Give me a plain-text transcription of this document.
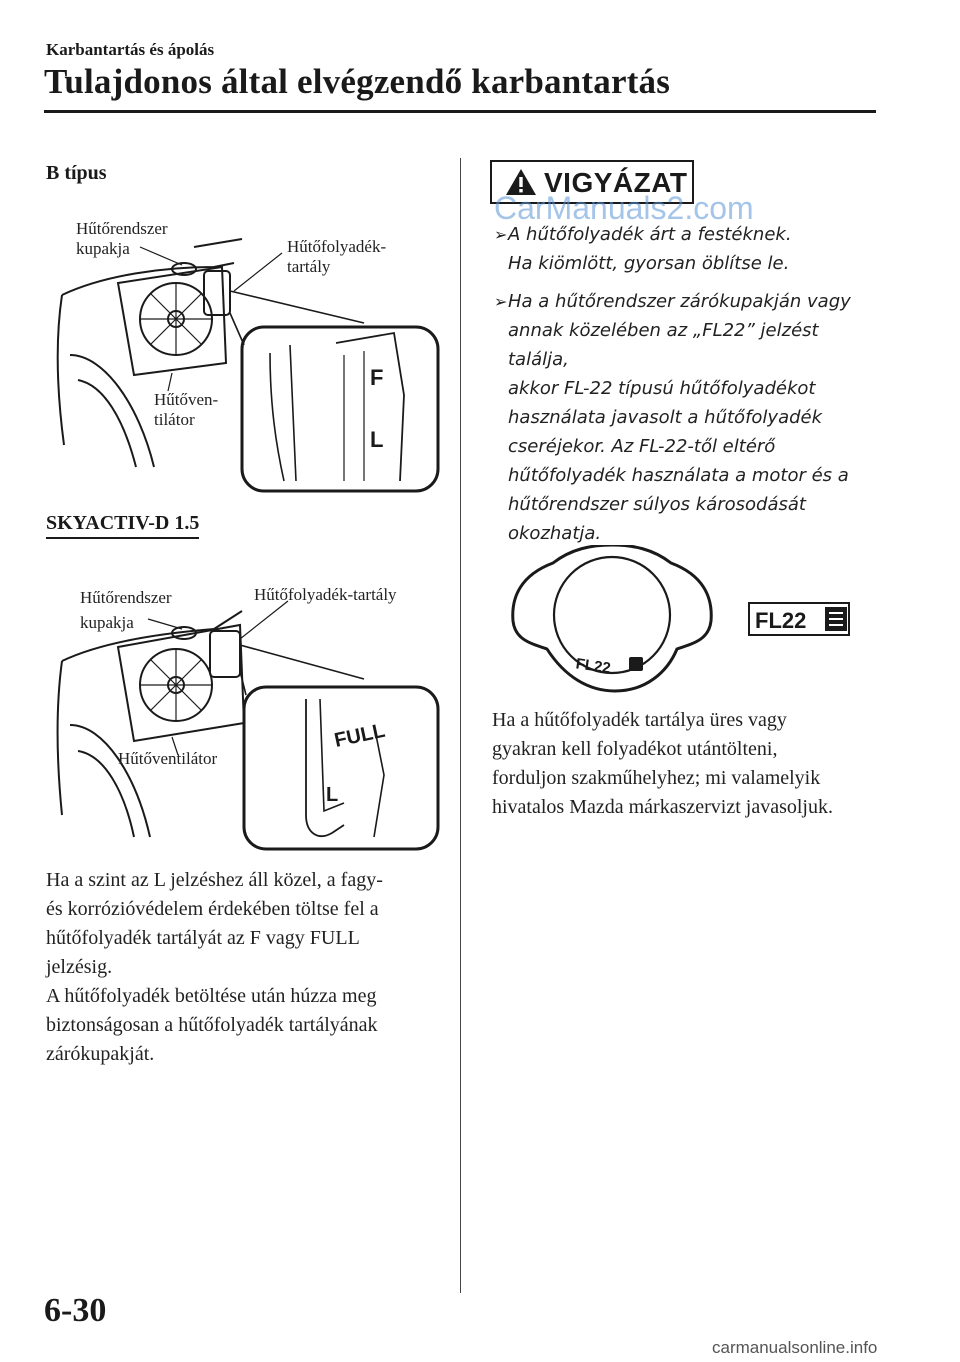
Karbantartás és ápolás
Tulajdonos által elvégzendő karbantartás
B típus
F
L
Hűtőrendszer
kupakja	Hűtőfolyadék-
tartály
Hűtőven-
tilátor
SKYACTIV-D 1.5
FULL
L
Hűtőrendszer
kupakja
Hűtőfolyadék-tartály
Hűtőventilátor
Ha a szint az L jelzéshez áll közel, a fagy-
és korrózióvédelem érdekében töltse fel a
hűtőfolyadék tartályát az F vagy FULL
jelzésig.
A hűtőfolyadék betöltése után húzza meg
biztonságosan a hűtőfolyadék tartályának
zárókupakját.
VIGYÁZAT
CarManuals2.com
➢ A hűtőfolyadék árt a festéknek.
Ha kiömlött, gyorsan öblítse le.
➢ Ha a hűtőrendszer zárókupakján vagy
annak közelében az „FL22” jelzést találja,
akkor FL-22 típusú hűtőfolyadékot
használata javasolt a hűtőfolyadék
cseréjekor. Az FL-22-től eltérő
hűtőfolyadék használata a motor és a
hűtőrendszer súlyos károsodását
okozhatja.
FL22
FL22
Ha a hűtőfolyadék tartálya üres vagy
gyakran kell folyadékot utántölteni,
forduljon szakműhelyhez; mi valamelyik
hivatalos Mazda márkaszervizt javasoljuk.
6-30
carmanualsonline.info
